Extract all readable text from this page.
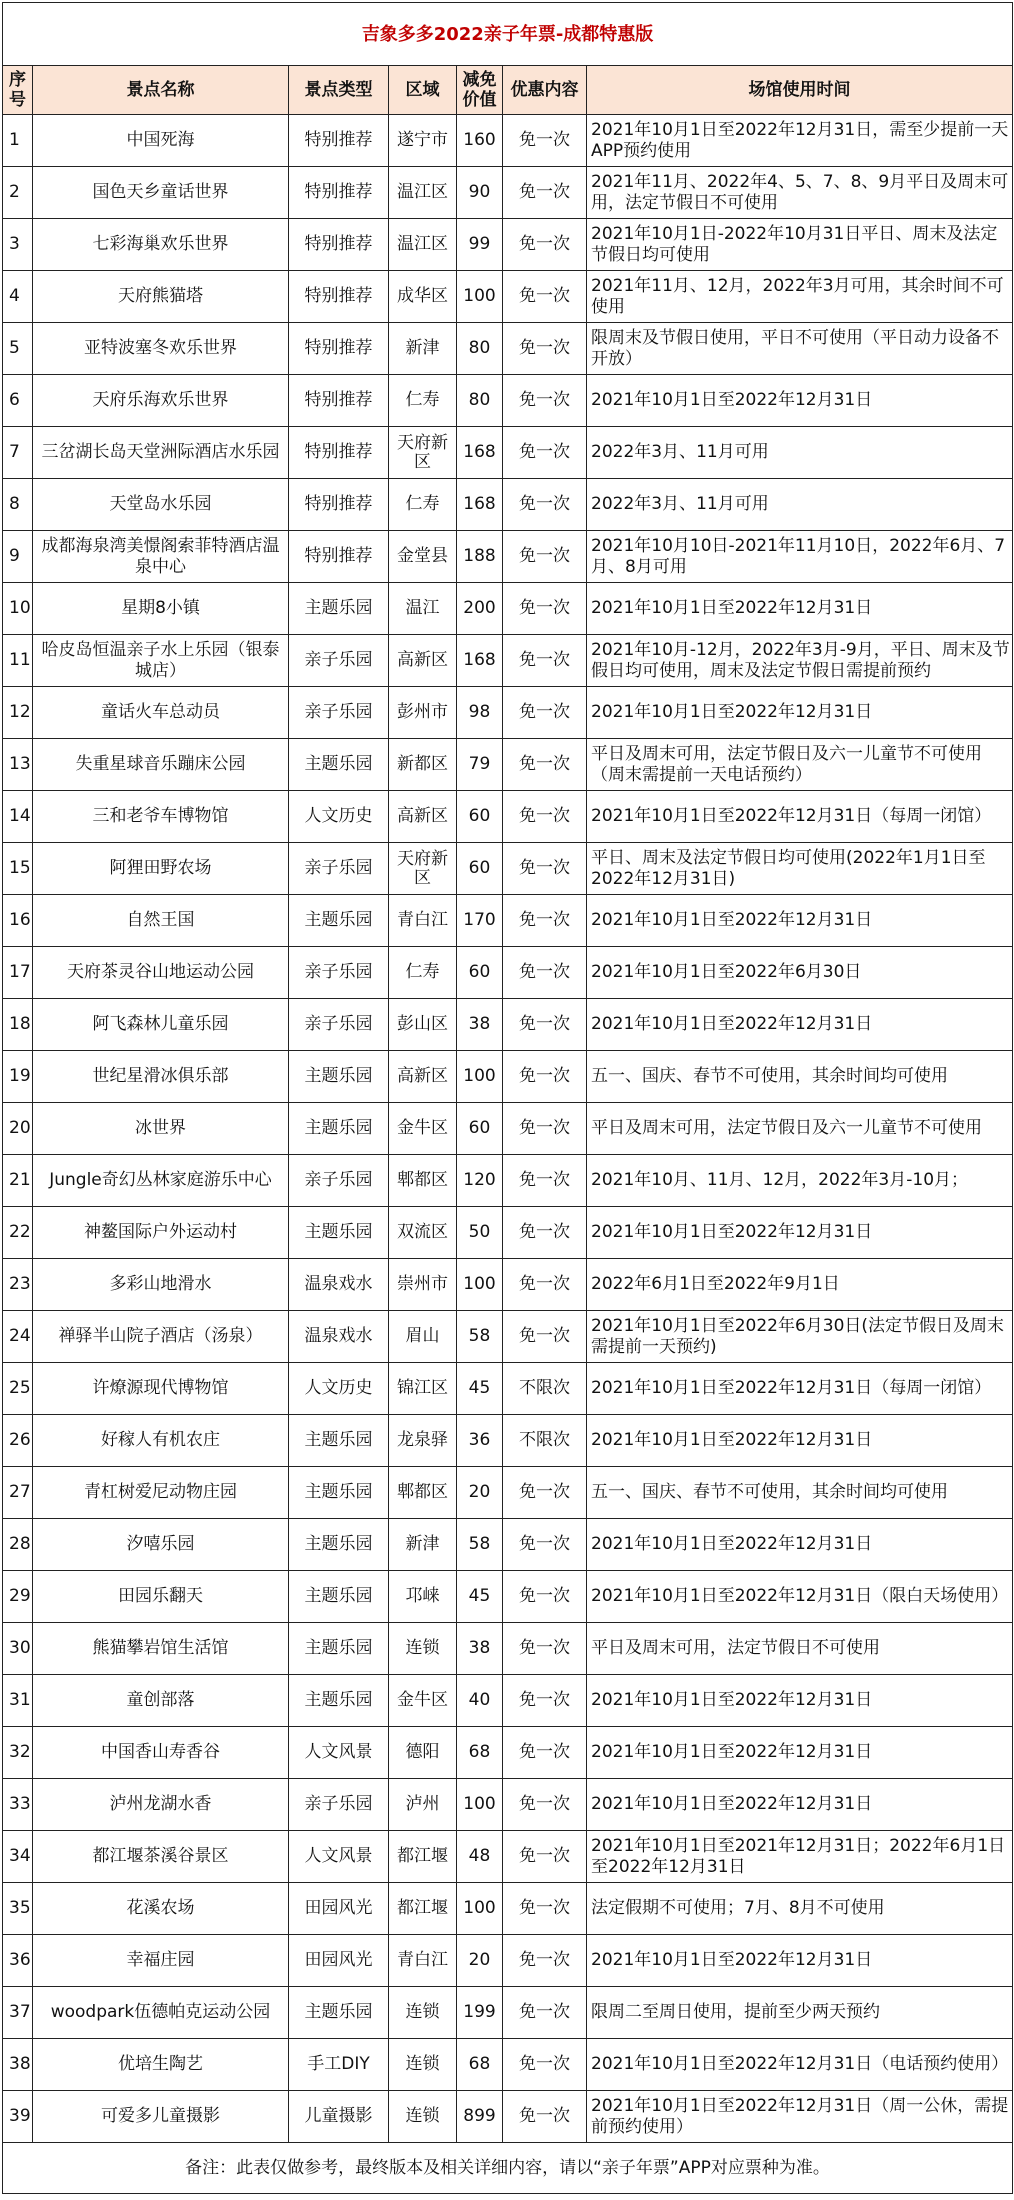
吉象多多2022亲子年票-成都特惠版						
序号	景点名称	景点类型	区域	减免价值	优惠内容	场馆使用时间
1	中国死海	特别推荐	遂宁市	160	免一次	2021年10月1日至2022年12月31日，需至少提前一天APP预约使用

2	国色天乡童话世界	特别推荐	温江区	90	免一次	2021年11月、2022年4、5、7、8、9月平日及周末可用，法定节假日不可使用

3	七彩海巢欢乐世界	特别推荐	温江区	99	免一次	2021年10月1日-2022年10月31日平日、周末及法定节假日均可使用

4	天府熊猫塔	特别推荐	成华区	100	免一次	2021年11月、12月，2022年3月可用，其余时间不可使用

5	亚特波塞冬欢乐世界	特别推荐	新津	80	免一次	限周末及节假日使用，平日不可使用（平日动力设备不开放）

6	天府乐海欢乐世界	特别推荐	仁寿	80	免一次	2021年10月1日至2022年12月31日

7	三岔湖长岛天堂洲际酒店水乐园	特别推荐	天府新区	168	免一次	2022年3月、11月可用

8	天堂岛水乐园	特别推荐	仁寿	168	免一次	2022年3月、11月可用

9	成都海泉湾美憬阁索菲特酒店温泉中心	特别推荐	金堂县	188	免一次	2021年10月10日-2021年11月10日，2022年6月、7月、8月可用

10	星期8小镇	主题乐园	温江	200	免一次	2021年10月1日至2022年12月31日

11	哈皮岛恒温亲子水上乐园（银泰城店）	亲子乐园	高新区	168	免一次	2021年10月-12月，2022年3月-9月，平日、周末及节假日均可使用，周末及法定节假日需提前预约

12	童话火车总动员	亲子乐园	彭州市	98	免一次	2021年10月1日至2022年12月31日

13	失重星球音乐蹦床公园	主题乐园	新都区	79	免一次	平日及周末可用，法定节假日及六一儿童节不可使用（周末需提前一天电话预约）

14	三和老爷车博物馆	人文历史	高新区	60	免一次	2021年10月1日至2022年12月31日（每周一闭馆）

15	阿狸田野农场	亲子乐园	天府新区	60	免一次	平日、周末及法定节假日均可使用(2022年1月1日至2022年12月31日)

16	自然王国	主题乐园	青白江	170	免一次	2021年10月1日至2022年12月31日

17	天府茶灵谷山地运动公园	亲子乐园	仁寿	60	免一次	2021年10月1日至2022年6月30日

18	阿飞森林儿童乐园	亲子乐园	彭山区	38	免一次	2021年10月1日至2022年12月31日

19	世纪星滑冰俱乐部	主题乐园	高新区	100	免一次	五一、国庆、春节不可使用，其余时间均可使用

20	冰世界	主题乐园	金牛区	60	免一次	平日及周末可用，法定节假日及六一儿童节不可使用

21	Jungle奇幻丛林家庭游乐中心	亲子乐园	郫都区	120	免一次	2021年10月、11月、12月，2022年3月-10月；

22	神鳌国际户外运动村	主题乐园	双流区	50	免一次	2021年10月1日至2022年12月31日

23	多彩山地滑水	温泉戏水	崇州市	100	免一次	2022年6月1日至2022年9月1日

24	禅驿半山院子酒店（汤泉）	温泉戏水	眉山	58	免一次	2021年10月1日至2022年6月30日(法定节假日及周末需提前一天预约)

25	许燎源现代博物馆	人文历史	锦江区	45	不限次	2021年10月1日至2022年12月31日（每周一闭馆）

26	好稼人有机农庄	主题乐园	龙泉驿	36	不限次	2021年10月1日至2022年12月31日

27	青杠树爱尼动物庄园	主题乐园	郫都区	20	免一次	五一、国庆、春节不可使用，其余时间均可使用

28	汐嘻乐园	主题乐园	新津	58	免一次	2021年10月1日至2022年12月31日

29	田园乐翻天	主题乐园	邛崃	45	免一次	2021年10月1日至2022年12月31日（限白天场使用）

30	熊猫攀岩馆生活馆	主题乐园	连锁	38	免一次	平日及周末可用，法定节假日不可使用

31	童创部落	主题乐园	金牛区	40	免一次	2021年10月1日至2022年12月31日

32	中国香山寿香谷	人文风景	德阳	68	免一次	2021年10月1日至2022年12月31日

33	泸州龙湖水香	亲子乐园	泸州	100	免一次	2021年10月1日至2022年12月31日

34	都江堰茶溪谷景区	人文风景	都江堰	48	免一次	2021年10月1日至2021年12月31日；2022年6月1日至2022年12月31日

35	花溪农场	田园风光	都江堰	100	免一次	法定假期不可使用；7月、8月不可使用

36	幸福庄园	田园风光	青白江	20	免一次	2021年10月1日至2022年12月31日

37	woodpark伍德帕克运动公园	主题乐园	连锁	199	免一次	限周二至周日使用，提前至少两天预约

38	优培生陶艺	手工DIY	连锁	68	免一次	2021年10月1日至2022年12月31日（电话预约使用）

39	可爱多儿童摄影	儿童摄影	连锁	899	免一次	2021年10月1日至2022年12月31日（周一公休，需提前预约使用）

备注：此表仅做参考，最终版本及相关详细内容，请以“亲子年票”APP对应票种为准。						
